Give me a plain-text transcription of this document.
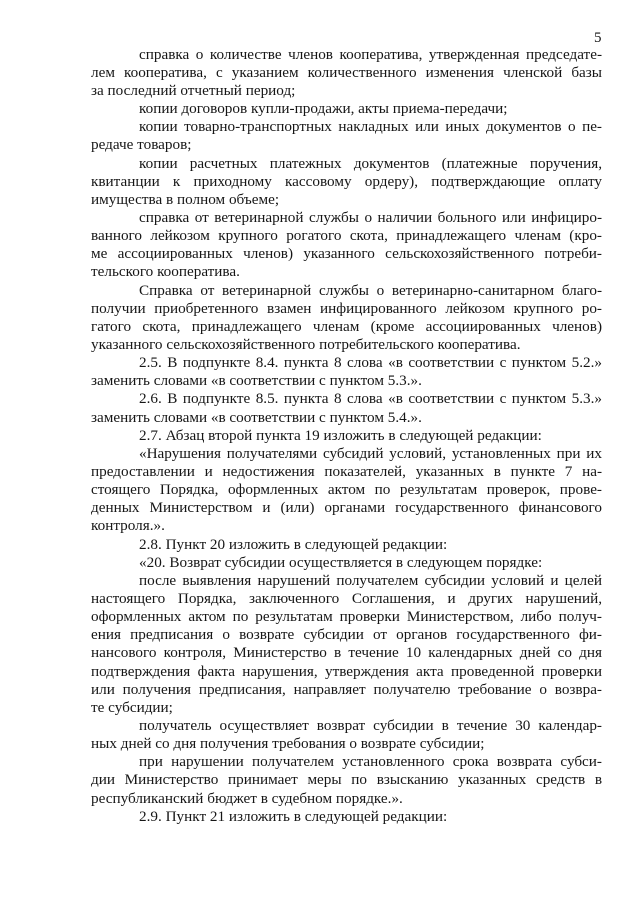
5
справка о количестве членов кооператива, утвержденная председате-
лем кооператива, с указанием количественного изменения членской базы
за последний отчетный период;
копии договоров купли-продажи, акты приема-передачи;
копии товарно-транспортных накладных или иных документов о пе-
редаче товаров;
копии расчетных платежных документов (платежные поручения,
квитанции к приходному кассовому ордеру), подтверждающие оплату
имущества в полном объеме;
справка от ветеринарной службы о наличии больного или инфициро-
ванного лейкозом крупного рогатого скота, принадлежащего членам (кро-
ме ассоциированных членов) указанного сельскохозяйственного потреби-
тельского кооператива.
Справка от ветеринарной службы о ветеринарно-санитарном благо-
получии приобретенного взамен инфицированного лейкозом крупного ро-
гатого скота, принадлежащего членам (кроме ассоциированных членов)
указанного сельскохозяйственного потребительского кооператива.
2.5. В подпункте 8.4. пункта 8 слова «в соответствии с пунктом 5.2.»
заменить словами «в соответствии с пунктом 5.3.».
2.6. В подпункте 8.5. пункта 8 слова «в соответствии с пунктом 5.3.»
заменить словами «в соответствии с пунктом 5.4.».
2.7. Абзац второй пункта 19 изложить в следующей редакции:
«Нарушения получателями субсидий условий, установленных при их
предоставлении и недостижения показателей, указанных в пункте 7 на-
стоящего Порядка, оформленных актом по результатам проверок, прове-
денных Министерством и (или) органами государственного финансового
контроля.».
2.8. Пункт 20 изложить в следующей редакции:
«20. Возврат субсидии осуществляется в следующем порядке:
после выявления нарушений получателем субсидии условий и целей
настоящего Порядка, заключенного Соглашения, и других нарушений,
оформленных актом по результатам проверки Министерством, либо получ-
ения предписания о возврате субсидии от органов государственного фи-
нансового контроля, Министерство в течение 10 календарных дней со дня
подтверждения факта нарушения, утверждения акта проведенной проверки
или получения предписания, направляет получателю требование о возвра-
те субсидии;
получатель осуществляет возврат субсидии в течение 30 календар-
ных дней со дня получения требования о возврате субсидии;
при нарушении получателем установленного срока возврата субси-
дии Министерство принимает меры по взысканию указанных средств в
республиканский бюджет в судебном порядке.».
2.9. Пункт 21 изложить в следующей редакции:
